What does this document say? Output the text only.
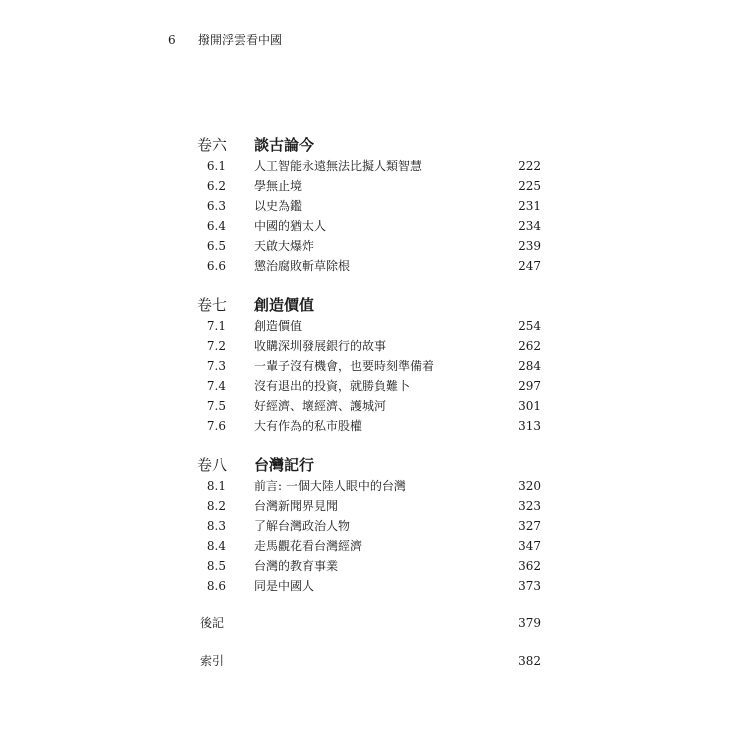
6 撥開浮雲看中國
卷六 談古論今
6.1 人工智能永遠無法比擬人類智慧	222
6.2 學無止境	225
6.3 以史為鑑	231
6.4 中國的猶太人	234
6.5 天啟大爆炸	239
6.6 懲治腐敗斬草除根	247
卷七 創造價值
7.1 創造價值	254
7.2 收購深圳發展銀行的故事	262
7.3 一輩子沒有機會，也要時刻準備着	284
7.4 沒有退出的投資，就勝負難卜	297
7.5 好經濟、壞經濟、護城河	301
7.6 大有作為的私市股權	313
卷八 台灣記行
8.1 前言: 一個大陸人眼中的台灣	320
8.2 台灣新聞界見聞	323
8.3 了解台灣政治人物	327
8.4 走馬觀花看台灣經濟	347
8.5 台灣的教育事業	362
8.6 同是中國人	373
後記	379
索引	382
